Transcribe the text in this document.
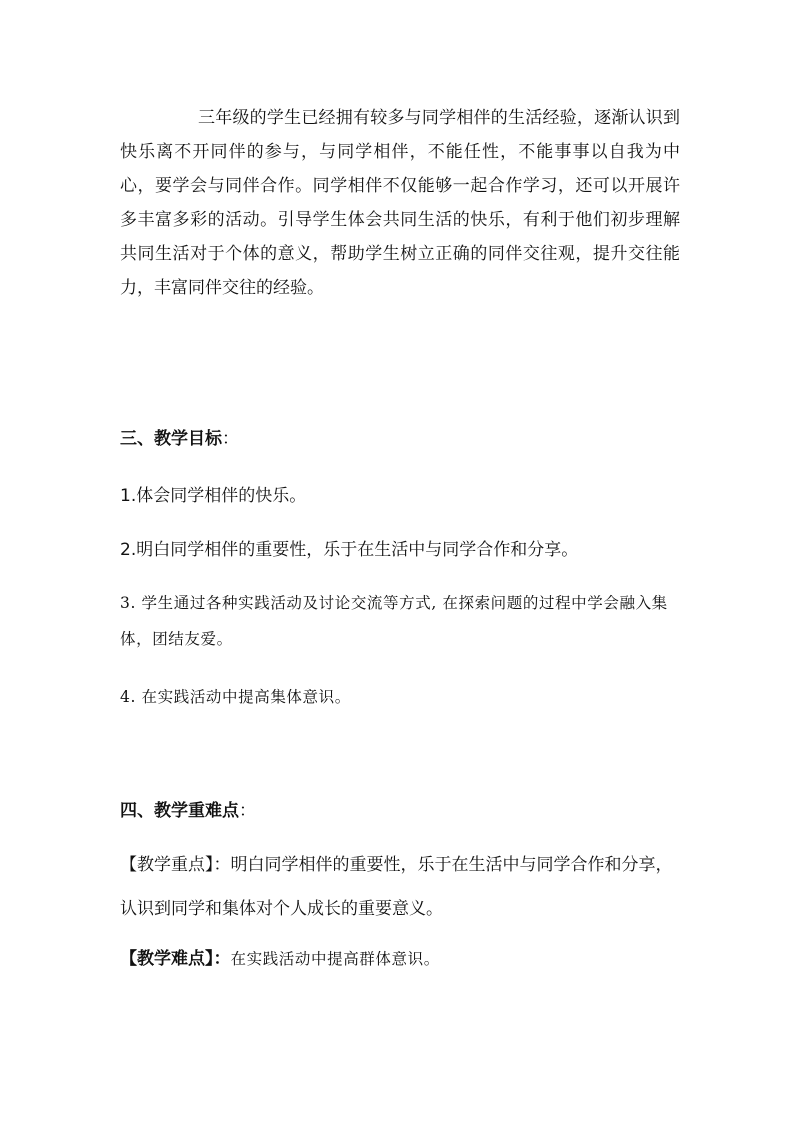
三年级的学生已经拥有较多与同学相伴的生活经验，逐渐认识到快乐离不开同伴的参与，与同学相伴，不能任性，不能事事以自我为中心，要学会与同伴合作。同学相伴不仅能够一起合作学习，还可以开展许多丰富多彩的活动。引导学生体会共同生活的快乐，有利于他们初步理解共同生活对于个体的意义，帮助学生树立正确的同伴交往观，提升交往能力，丰富同伴交往的经验。

三、教学目标：

1.体会同学相伴的快乐。

2.明白同学相伴的重要性，乐于在生活中与同学合作和分享。

3. 学生通过各种实践活动及讨论交流等方式, 在探索问题的过程中学会融入集体，团结友爱。

4. 在实践活动中提高集体意识。

四、教学重难点：

【教学重点】：明白同学相伴的重要性，乐于在生活中与同学合作和分享，认识到同学和集体对个人成长的重要意义。

【教学难点】：在实践活动中提高群体意识。
